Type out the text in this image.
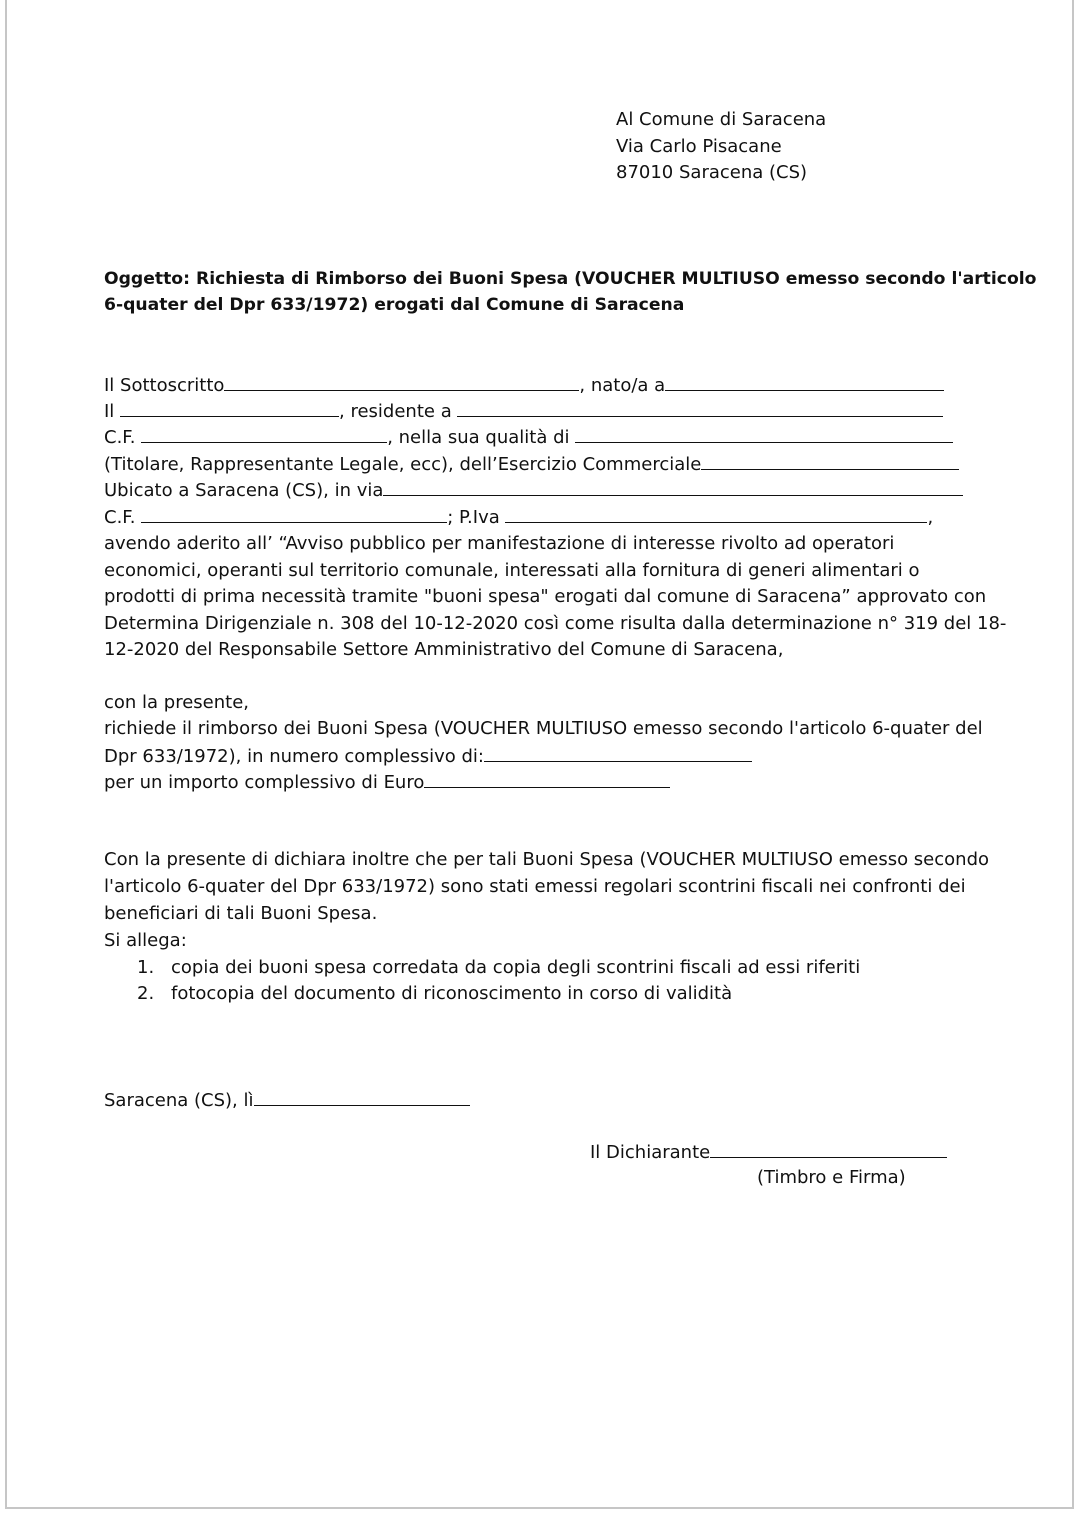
Al Comune di Saracena
Via Carlo Pisacane
87010 Saracena (CS)
Oggetto: Richiesta di Rimborso dei Buoni Spesa (VOUCHER MULTIUSO emesso secondo l'articolo
6-quater del Dpr 633/1972) erogati dal Comune di Saracena
Il Sottoscritto	, nato/a a
Il	, residente a
C.F.	, nella sua qualità di
(Titolare, Rappresentante Legale, ecc), dell’Esercizio Commerciale
Ubicato a Saracena (CS), in via
C.F.	; P.Iva	,
avendo aderito all’ “Avviso pubblico per manifestazione di interesse rivolto ad operatori
economici, operanti sul territorio comunale, interessati alla fornitura di generi alimentari o
prodotti di prima necessità tramite "buoni spesa" erogati dal comune di Saracena” approvato con
Determina Dirigenziale n. 308 del 10-12-2020 così come risulta dalla determinazione n° 319 del 18-
12-2020 del Responsabile Settore Amministrativo del Comune di Saracena,
con la presente,
richiede il rimborso dei Buoni Spesa (VOUCHER MULTIUSO emesso secondo l'articolo 6-quater del
Dpr 633/1972), in numero complessivo di:
per un importo complessivo di Euro
Con la presente di dichiara inoltre che per tali Buoni Spesa (VOUCHER MULTIUSO emesso secondo
l'articolo 6-quater del Dpr 633/1972) sono stati emessi regolari scontrini fiscali nei confronti dei
beneficiari di tali Buoni Spesa.
Si allega:
1. copia dei buoni spesa corredata da copia degli scontrini fiscali ad essi riferiti
2. fotocopia del documento di riconoscimento in corso di validità
Saracena (CS), lì
Il Dichiarante
(Timbro e Firma)
